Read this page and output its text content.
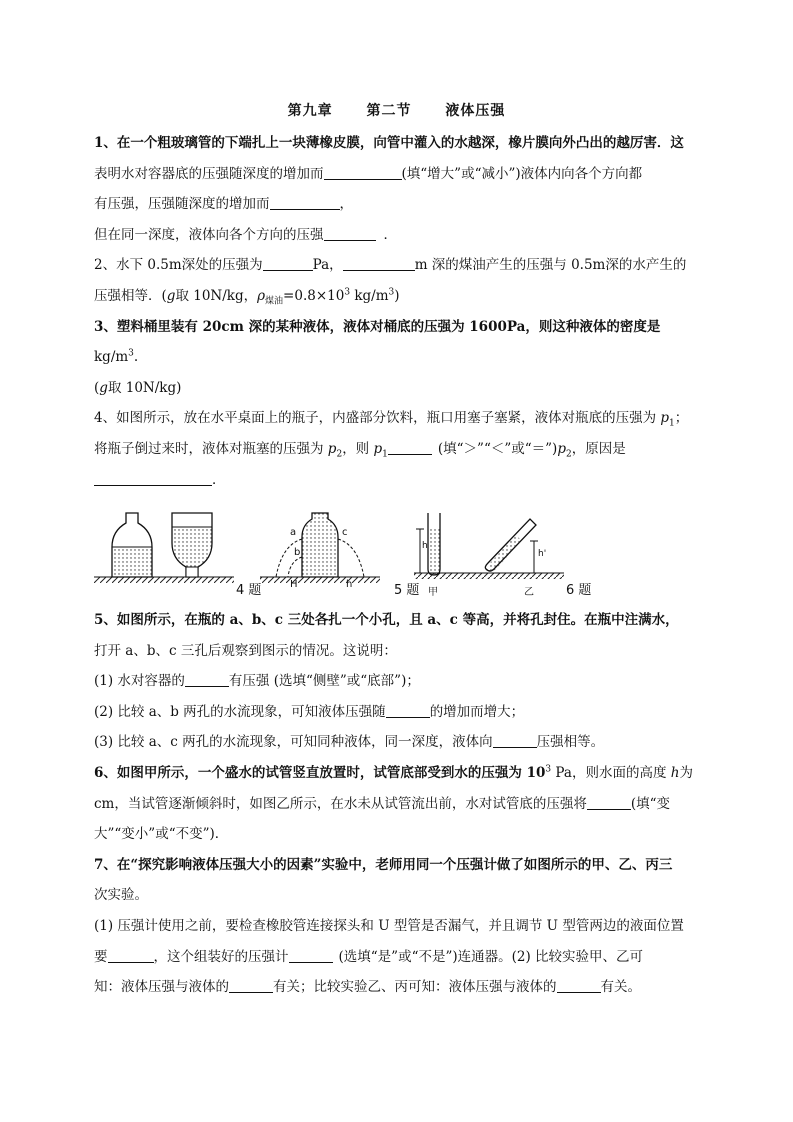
第九章 第二节 液体压强
1、在一个粗玻璃管的下端扎上一块薄橡皮膜，向管中灌入的水越深，橡片膜向外凸出的越厉害．这
表明水对容器底的压强随深度的增加而	(填“增大”或“减小”)液体内向各个方向都
有压强，压强随深度的增加而	，
但在同一深度，液体向各个方向的压强	．
2、水下 0.5m深处的压强为	Pa，	m 深的煤油产生的压强与 0.5m深的水产生的
压强相等．(g取 10N/kg，$\rho_{煤油}=0.8\times 10^3$ $kg/m^3$)
3、塑料桶里装有 20cm 深的某种液体，液体对桶底的压强为 1600Pa，则这种液体的密度是
$kg/m^3$.
(g取 10N/kg)
4、如图所示，放在水平桌面上的瓶子，内盛部分饮料，瓶口用塞子塞紧，液体对瓶底的压强为 $p_1$；
将瓶子倒过来时，液体对瓶塞的压强为 $p_2$，则 $p_1$	(填“＞”“＜”或“$=”)p_2$，原因是
．
4 题
a
b
c
H	h	5 题
h
h'
甲	乙 6 题
5、如图所示，在瓶的 a、b、c 三处各扎一个小孔，且 a、c 等高，并将孔封住。在瓶中注满水，
打开 a、b、c 三孔后观察到图示的情况。这说明：
(1) 水对容器的	有压强 (选填“侧壁”或“底部”)；
(2) 比较 a、b 两孔的水流现象，可知液体压强随	的增加而增大；
(3) 比较 a、c 两孔的水流现象，可知同种液体，同一深度，液体向	压强相等。
6、如图甲所示，一个盛水的试管竖直放置时，试管底部受到水的压强为 $10^3$ Pa，则水面的高度 h为
cm，当试管逐渐倾斜时，如图乙所示，在水未从试管流出前，水对试管底的压强将	(填“变
大”“变小”或“不变”)．
7、在“探究影响液体压强大小的因素”实验中，老师用同一个压强计做了如图所示的甲、乙、丙三
次实验。
(1) 压强计使用之前，要检查橡胶管连接探头和 U 型管是否漏气，并且调节 U 型管两边的液面位置
要	，这个组装好的压强计	(选填“是”或“不是”)连通器。(2) 比较实验甲、乙可
知：液体压强与液体的	有关；比较实验乙、丙可知：液体压强与液体的	有关。
